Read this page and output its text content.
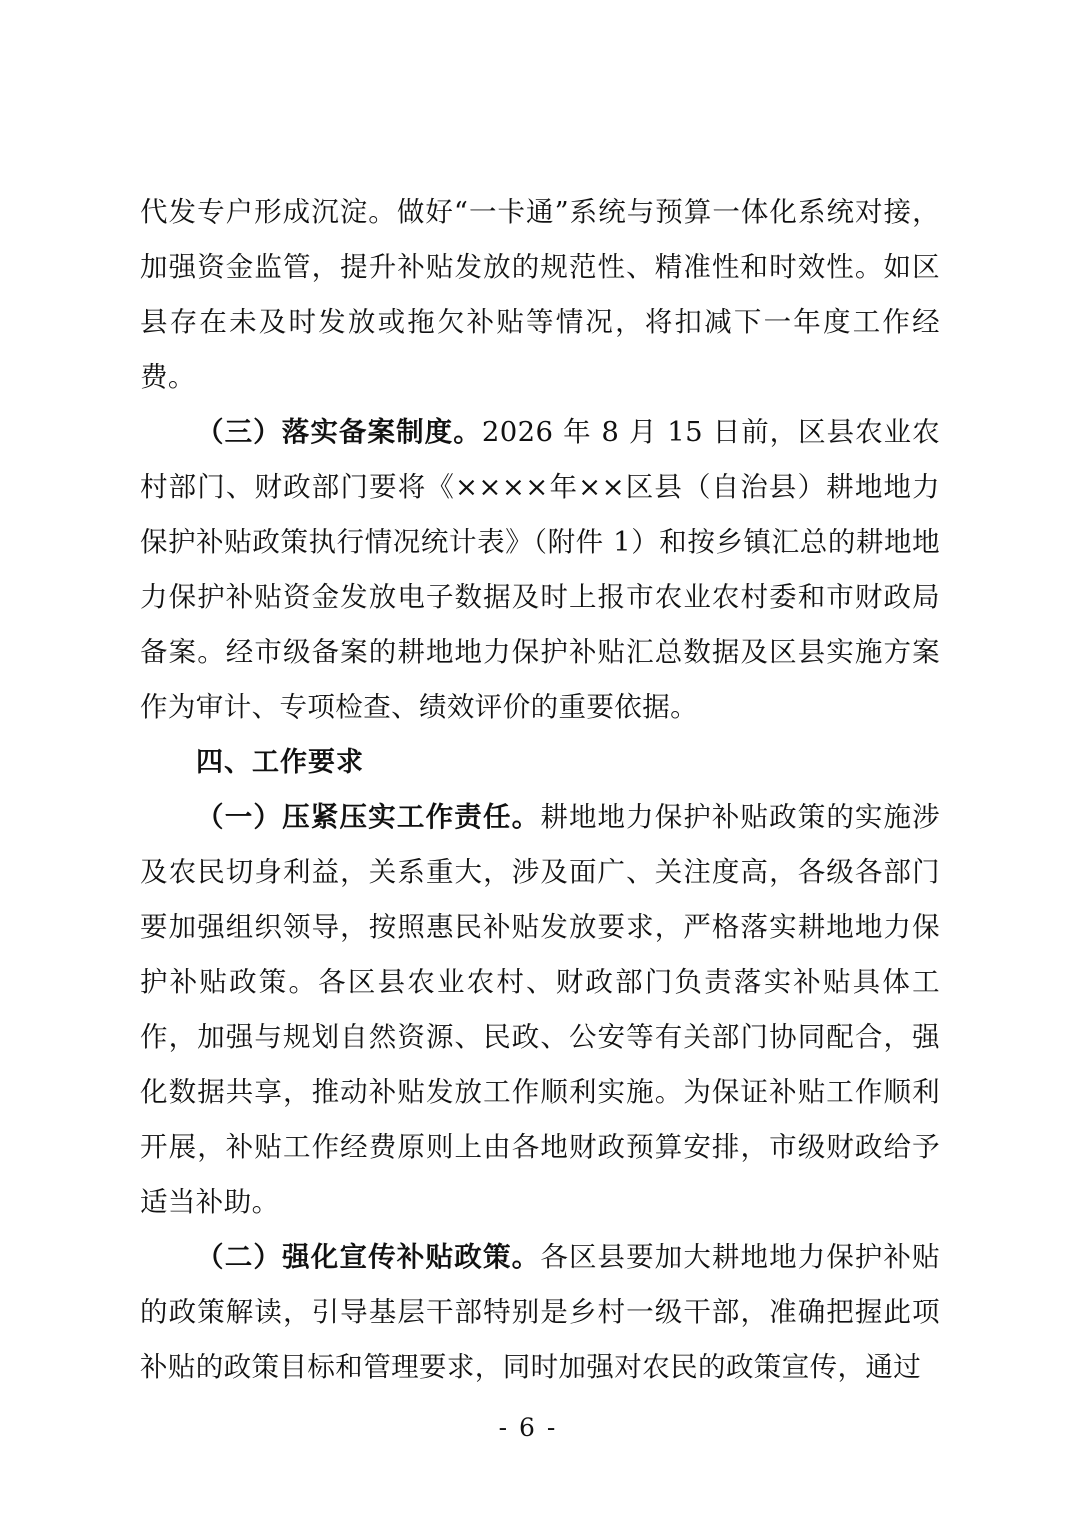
代发专户形成沉淀。做好“一卡通”系统与预算一体化系统对接，加强资金监管，提升补贴发放的规范性、精准性和时效性。如区县存在未及时发放或拖欠补贴等情况，将扣减下一年度工作经费。

（三）落实备案制度。2026 年 8 月 15 日前，区县农业农村部门、财政部门要将《××××年××区县（自治县）耕地地力保护补贴政策执行情况统计表》（附件 1）和按乡镇汇总的耕地地力保护补贴资金发放电子数据及时上报市农业农村委和市财政局备案。经市级备案的耕地地力保护补贴汇总数据及区县实施方案作为审计、专项检查、绩效评价的重要依据。

四、工作要求

（一）压紧压实工作责任。耕地地力保护补贴政策的实施涉及农民切身利益，关系重大，涉及面广、关注度高，各级各部门要加强组织领导，按照惠民补贴发放要求，严格落实耕地地力保护补贴政策。各区县农业农村、财政部门负责落实补贴具体工作，加强与规划自然资源、民政、公安等有关部门协同配合，强化数据共享，推动补贴发放工作顺利实施。为保证补贴工作顺利开展，补贴工作经费原则上由各地财政预算安排，市级财政给予适当补助。

（二）强化宣传补贴政策。各区县要加大耕地地力保护补贴的政策解读，引导基层干部特别是乡村一级干部，准确把握此项补贴的政策目标和管理要求，同时加强对农民的政策宣传，通过

- 6 -
